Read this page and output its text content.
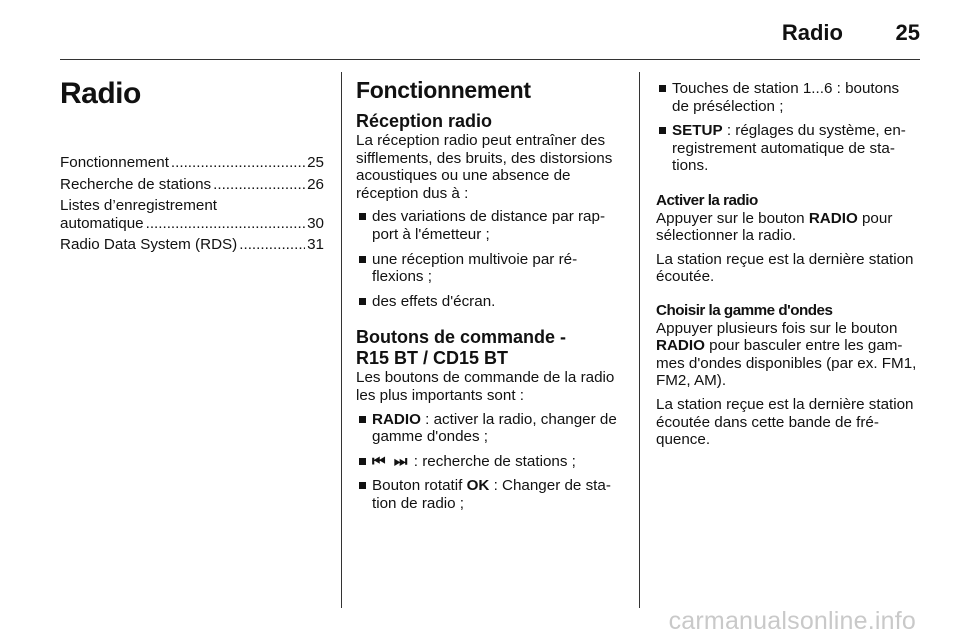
Radio 25
Radio
Fonctionnement .....	25
Recherche de stations .....	26
Listes d’enregistrement
automatique .....	30
Radio Data System (RDS) .....	31
Fonctionnement
Réception radio

La réception radio peut entraîner des sifflements, des bruits, des distorsions acoustiques ou une absence de réception dus à :

des variations de distance par rapport à l'émetteur ;
une réception multivoie par réflexions ;
des effets d'écran.
Boutons de commande -
R15 BT / CD15 BT

Les boutons de commande de la radio les plus importants sont :

RADIO : activer la radio, changer de gamme d'ondes ;
⏮ ⏭ : recherche de stations ;
Bouton rotatif OK : Changer de station de radio ;
Touches de station 1...6 : boutons de présélection ;
SETUP : réglages du système, enregistrement automatique de stations.
Activer la radio

Appuyer sur le bouton RADIO pour sélectionner la radio.

La station reçue est la dernière station écoutée.

Choisir la gamme d'ondes

Appuyer plusieurs fois sur le bouton RADIO pour basculer entre les gammes d'ondes disponibles (par ex. FM1, FM2, AM).

La station reçue est la dernière station écoutée dans cette bande de fréquence.

carmanualsonline.info
